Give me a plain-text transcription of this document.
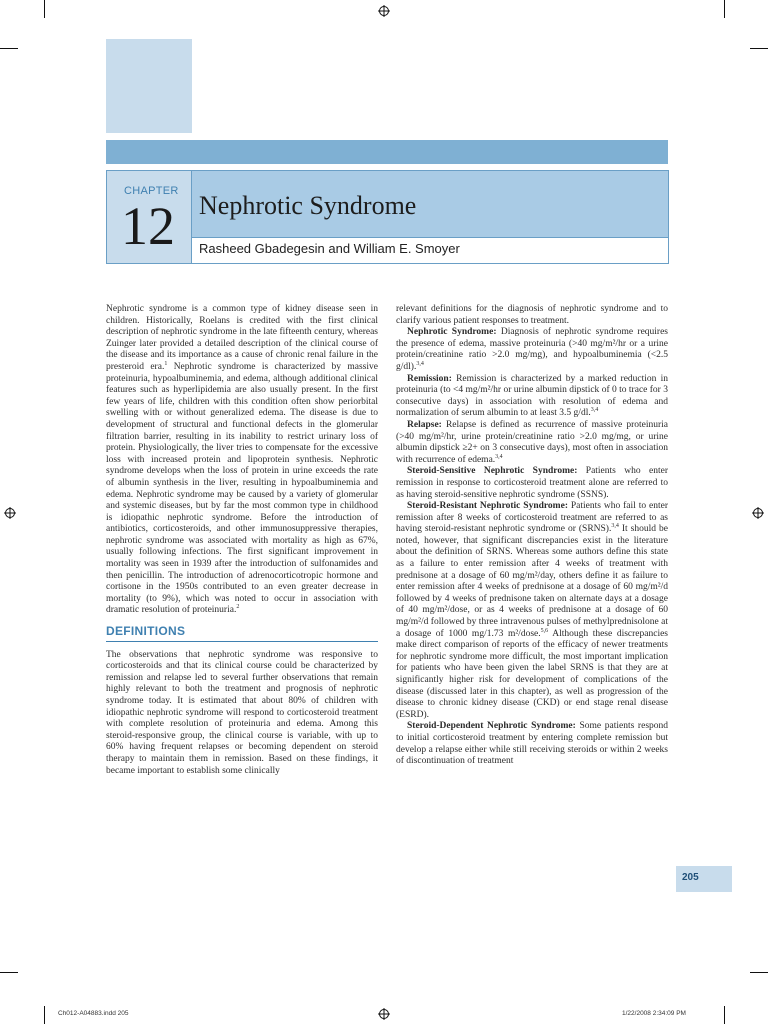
CHAPTER
12 Nephrotic Syndrome
Rasheed Gbadegesin and William E. Smoyer

Nephrotic syndrome is a common type of kidney disease seen in children. Historically, Roelans is credited with the first clinical description of nephrotic syndrome in the late fifteenth century, whereas Zuinger later provided a detailed description of the clinical course of the disease and its importance as a cause of chronic renal failure in the presteroid era.$^1$ Nephrotic syndrome is characterized by massive proteinuria, hypoalbuminemia, and edema, although additional clinical features such as hyperlipidemia are also usually present. In the first few years of life, children with this condition often show periorbital swelling with or without generalized edema. The disease is due to development of structural and functional defects in the glomerular filtration barrier, resulting in its inability to restrict urinary loss of protein. Physiologically, the liver tries to compensate for the excessive loss with increased protein and lipoprotein synthesis. Nephrotic syndrome develops when the loss of protein in urine exceeds the rate of albumin synthesis in the liver, resulting in hypoalbuminemia and edema. Nephrotic syndrome may be caused by a variety of glomerular and systemic diseases, but by far the most common type in childhood is idiopathic nephrotic syndrome. Before the introduction of antibiotics, corticosteroids, and other immunosuppressive therapies, nephrotic syndrome was associated with mortality as high as 67%, usually following infections. The first significant improvement in mortality was seen in 1939 after the introduction of sulfonamides and then penicillin. The introduction of adrenocorticotropic hormone and cortisone in the 1950s contributed to an even greater decrease in mortality (to 9%), which was noted to occur in association with dramatic resolution of proteinuria.$^2$

DEFINITIONS

The observations that nephrotic syndrome was responsive to corticosteroids and that its clinical course could be characterized by remission and relapse led to several further observations that remain highly relevant to both the treatment and prognosis of nephrotic syndrome today. It is estimated that about 80% of children with idiopathic nephrotic syndrome will respond to corticosteroid treatment with complete resolution of proteinuria and edema. Among this steroid-responsive group, the clinical course is variable, with up to 60% having frequent relapses or becoming dependent on steroid therapy to maintain them in remission. Based on these findings, it became important to establish some clinically

relevant definitions for the diagnosis of nephrotic syndrome and to clarify various patient responses to treatment.

Nephrotic Syndrome: Diagnosis of nephrotic syndrome requires the presence of edema, massive proteinuria (>40 mg/m²/hr or a urine protein/creatinine ratio >2.0 mg/mg), and hypoalbuminemia (<2.5 g/dl).$^{3,4}$

Remission: Remission is characterized by a marked reduction in proteinuria (to <4 mg/m²/hr or urine albumin dipstick of 0 to trace for 3 consecutive days) in association with resolution of edema and normalization of serum albumin to at least 3.5 g/dl.$^{3,4}$

Relapse: Relapse is defined as recurrence of massive proteinuria (>40 mg/m²/hr, urine protein/creatinine ratio >2.0 mg/mg, or urine albumin dipstick ≥2+ on 3 consecutive days), most often in association with recurrence of edema.$^{3,4}$

Steroid-Sensitive Nephrotic Syndrome: Patients who enter remission in response to corticosteroid treatment alone are referred to as having steroid-sensitive nephrotic syndrome (SSNS).

Steroid-Resistant Nephrotic Syndrome: Patients who fail to enter remission after 8 weeks of corticosteroid treatment are referred to as having steroid-resistant nephrotic syndrome or (SRNS).$^{3,4}$ It should be noted, however, that significant discrepancies exist in the literature about the definition of SRNS. Whereas some authors define this state as a failure to enter remission after 4 weeks of treatment with prednisone at a dosage of 60 mg/m²/day, others define it as failure to enter remission after 4 weeks of prednisone at a dosage of 60 mg/m²/d followed by 4 weeks of prednisone taken on alternate days at a dosage of 40 mg/m²/dose, or as 4 weeks of prednisone at a dosage of 60 mg/m²/d followed by three intravenous pulses of methylprednisolone at a dosage of 1000 mg/1.73 m²/dose.$^{5,6}$ Although these discrepancies make direct comparison of reports of the efficacy of newer treatments for nephrotic syndrome more difficult, the most important implication for patients who have been given the label SRNS is that they are at significantly higher risk for development of complications of the disease (discussed later in this chapter), as well as progression of the disease to chronic kidney disease (CKD) or end stage renal disease (ESRD).

Steroid-Dependent Nephrotic Syndrome: Some patients respond to initial corticosteroid treatment by entering complete remission but develop a relapse either while still receiving steroids or within 2 weeks of discontinuation of treatment

205
Ch012-A04883.indd 205	1/22/2008 2:34:09 PM
